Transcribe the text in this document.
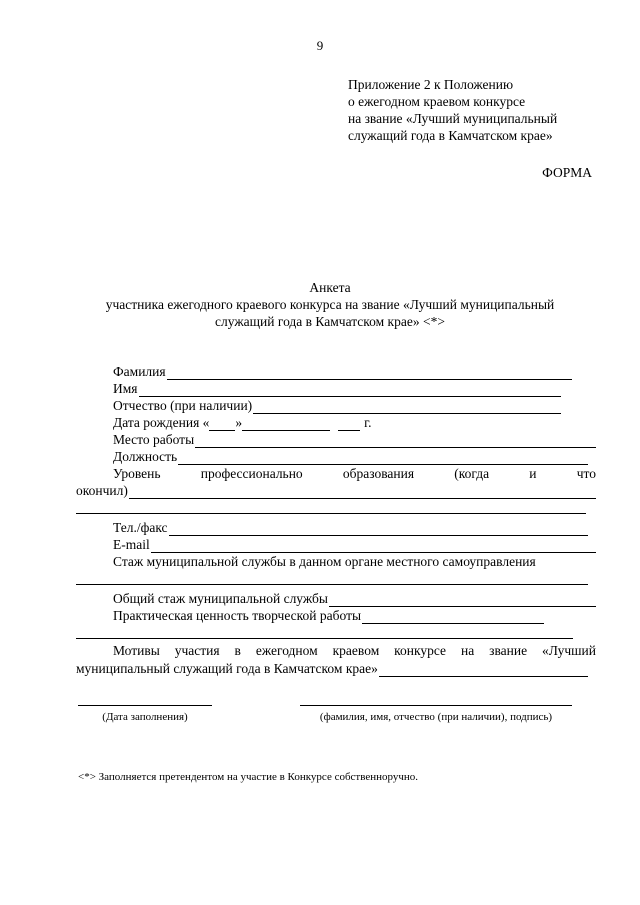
9
Приложение 2 к Положению
о ежегодном краевом конкурсе
на звание «Лучший муниципальный
служащий года в Камчатском крае»
ФОРМА
Анкета
участника ежегодного краевого конкурса на звание «Лучший муниципальный
служащий года в Камчатском крае» <*>
Фамилия
Имя
Отчество (при наличии)
Дата рождения « »	г.
Место работы
Должность
Уровень	профессионально	образования	(когда	и	что
окончил)
Тел./факс
E-mail
Стаж муниципальной службы в данном органе местного самоуправления
Общий стаж муниципальной службы
Практическая ценность творческой работы
Мотивы участия в ежегодном краевом конкурсе на звание «Лучший
муниципальный служащий года в Камчатском крае»
(Дата заполнения)	(фамилия, имя, отчество (при наличии), подпись)
<*> Заполняется претендентом на участие в Конкурсе собственноручно.
